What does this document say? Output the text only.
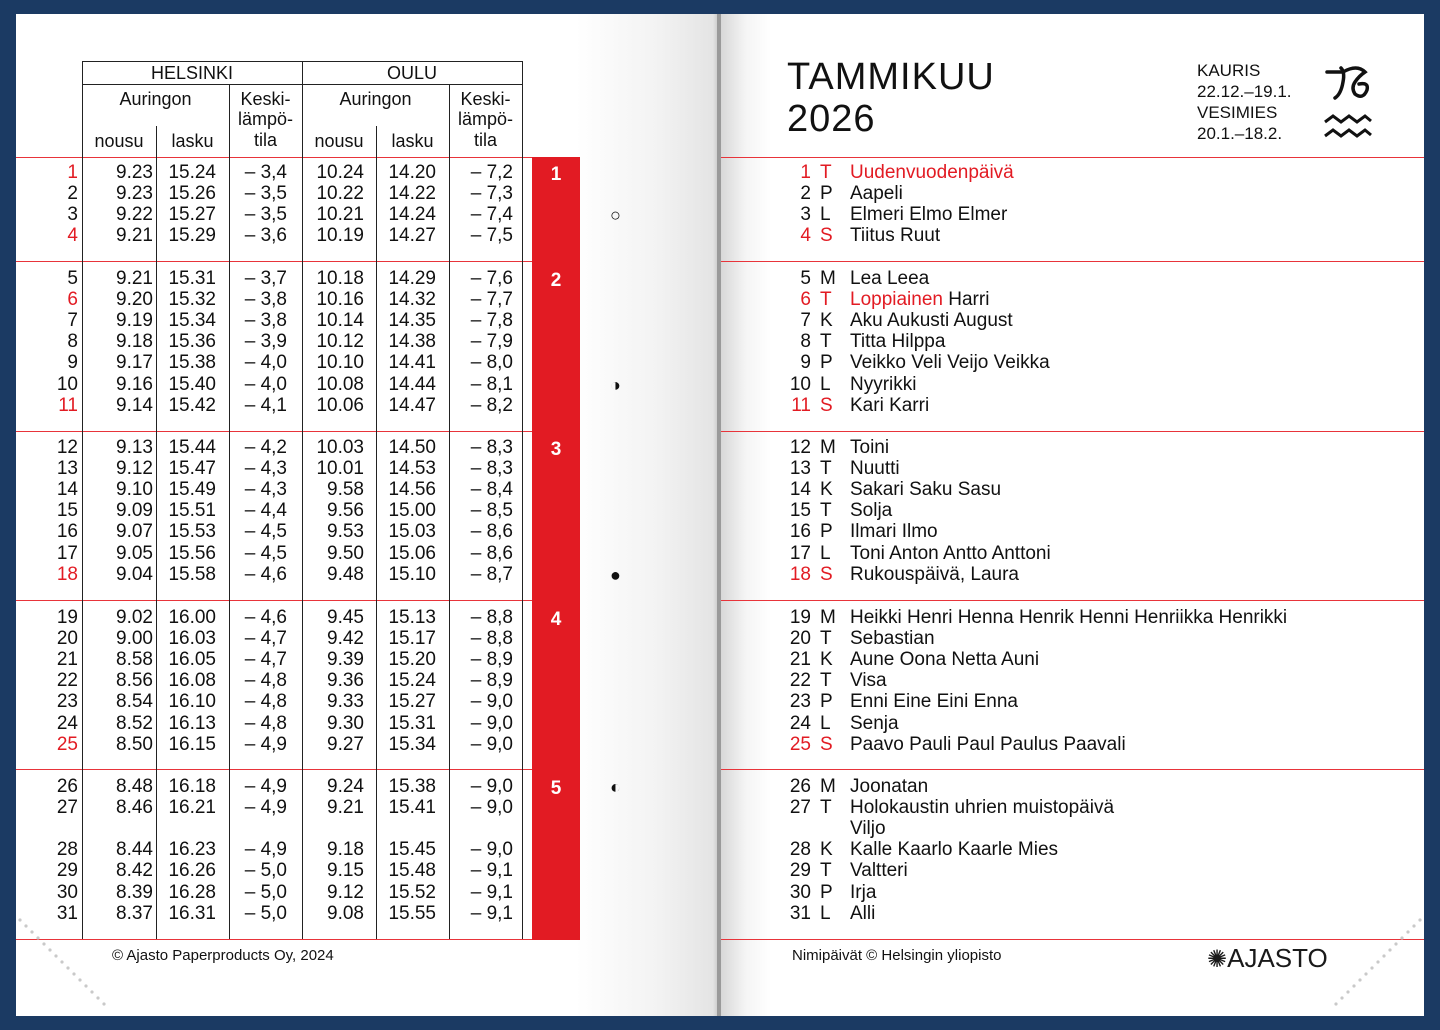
HELSINKI	OULU
Auringon	Auringon
Keski-
lämpö-
tila
Keski-
lämpö-
tila
nousu	lasku	nousu	lasku
1
1	9.23 15.24	– 3,4	10.24	14.20	– 7,2
2	9.23 15.26	– 3,5	10.22	14.22	– 7,3
3	9.22 15.27	– 3,5	10.21	14.24	– 7,4
4	9.21 15.29	– 3,6	10.19	14.27	– 7,5
2
5	9.21 15.31	– 3,7	10.18	14.29	– 7,6
6	9.20 15.32	– 3,8	10.16	14.32	– 7,7
7	9.19 15.34	– 3,8	10.14	14.35	– 7,8
8	9.18 15.36	– 3,9	10.12	14.38	– 7,9
9	9.17 15.38	– 4,0	10.10	14.41	– 8,0
10	9.16 15.40	– 4,0	10.08	14.44	– 8,1
11	9.14 15.42	– 4,1	10.06	14.47	– 8,2
3
12	9.13 15.44	– 4,2	10.03	14.50	– 8,3
13	9.12 15.47	– 4,3	10.01	14.53	– 8,3
14	9.10 15.49	– 4,3	9.58	14.56	– 8,4
15	9.09 15.51	– 4,4	9.56	15.00	– 8,5
16	9.07 15.53	– 4,5	9.53	15.03	– 8,6
17	9.05 15.56	– 4,5	9.50	15.06	– 8,6
18	9.04 15.58	– 4,6	9.48	15.10	– 8,7
4
19	9.02 16.00	– 4,6	9.45	15.13	– 8,8
20	9.00 16.03	– 4,7	9.42	15.17	– 8,8
21	8.58 16.05	– 4,7	9.39	15.20	– 8,9
22	8.56 16.08	– 4,8	9.36	15.24	– 8,9
23	8.54 16.10	– 4,8	9.33	15.27	– 9,0
24	8.52 16.13	– 4,8	9.30	15.31	– 9,0
25	8.50 16.15	– 4,9	9.27	15.34	– 9,0
5
26	8.48 16.18	– 4,9	9.24	15.38	– 9,0
27	8.46 16.21	– 4,9	9.21	15.41	– 9,0
28	8.44 16.23	– 4,9	9.18	15.45	– 9,0
29	8.42 16.26	– 5,0	9.15	15.48	– 9,1
30	8.39 16.28	– 5,0	9.12	15.52	– 9,1
31	8.37 16.31	– 5,0	9.08	15.55	– 9,1
○
◑
●
◐
© Ajasto Paperproducts Oy, 2024
TAMMIKUU
2026
KAURIS
22.12.–19.1.
VESIMIES
20.1.–18.2.
1 T Uudenvuodenpäivä
2 P Aapeli
3 L Elmeri Elmo Elmer
4 S Tiitus Ruut
5 M Lea Leea
6 T Loppiainen Harri
7 K Aku Aukusti August
8 T Titta Hilppa
9 P Veikko Veli Veijo Veikka
10 L Nyyrikki
11 S Kari Karri
12 M Toini
13 T Nuutti
14 K Sakari Saku Sasu
15 T Solja
16 P Ilmari Ilmo
17 L Toni Anton Antto Anttoni
18 S Rukouspäivä, Laura
19 M Heikki Henri Henna Henrik Henni Henriikka Henrikki
20 T Sebastian
21 K Aune Oona Netta Auni
22 T Visa
23 P Enni Eine Eini Enna
24 L Senja
25 S Paavo Pauli Paul Paulus Paavali
26 M Joonatan
27 T Holokaustin uhrien muistopäivä
Viljo
28 K Kalle Kaarlo Kaarle Mies
29 T Valtteri
30 P Irja
31 L Alli
Nimipäivät © Helsingin yliopisto	✺AJASTO
